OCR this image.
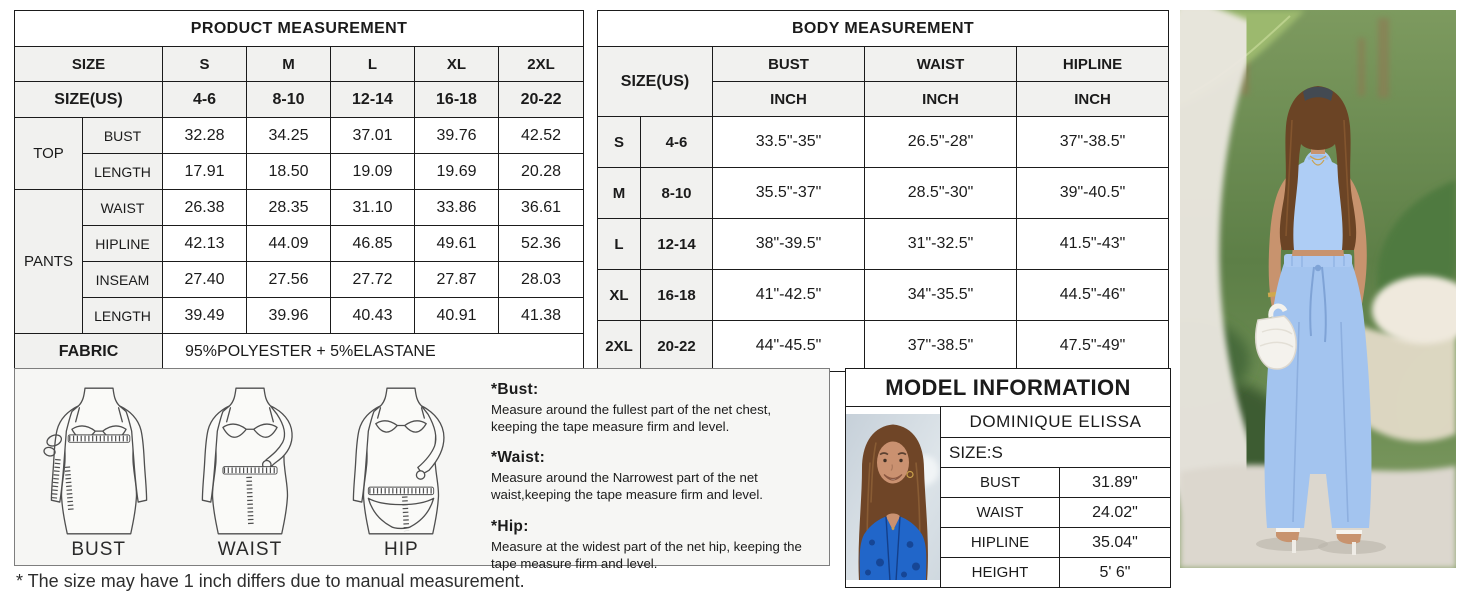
PRODUCT MEASUREMENT						
SIZE		S	M	L	XL	2XL
SIZE(US)		4-6	8-10	12-14	16-18	20-22
TOP	BUST	32.28	34.25	37.01	39.76	42.52
	LENGTH	17.91	18.50	19.09	19.69	20.28
PANTS	WAIST	26.38	28.35	31.10	33.86	36.61
	HIPLINE	42.13	44.09	46.85	49.61	52.36
	INSEAM	27.40	27.56	27.72	27.87	28.03
	LENGTH	39.49	39.96	40.43	40.91	41.38
FABRIC		95%POLYESTER + 5%ELASTANE				
BODY MEASUREMENT				
SIZE(US)		BUST	WAIST	HIPLINE
		INCH	INCH	INCH
S	4-6	33.5"-35"	26.5"-28"	37"-38.5"
M	8-10	35.5"-37"	28.5"-30"	39"-40.5"
L	12-14	38"-39.5"	31"-32.5"	41.5"-43"
XL	16-18	41"-42.5"	34"-35.5"	44.5"-46"
2XL	20-22	44"-45.5"	37"-38.5"	47.5"-49"
BUST	WAIST	HIP
*Bust:
Measure around the fullest part of the net chest, keeping the tape measure firm and level.
*Waist:
Measure around the Narrowest part of the net waist,keeping the tape measure firm and level.
*Hip:
Measure at the widest part of the net hip, keeping the tape measure firm and level.
MODEL INFORMATION		

	DOMINIQUE ELISSA	
	SIZE:S	
	BUST	31.89"
	WAIST	24.02"
	HIPLINE	35.04"
	HEIGHT	5' 6"
* The size may have 1 inch differs due to manual measurement.
